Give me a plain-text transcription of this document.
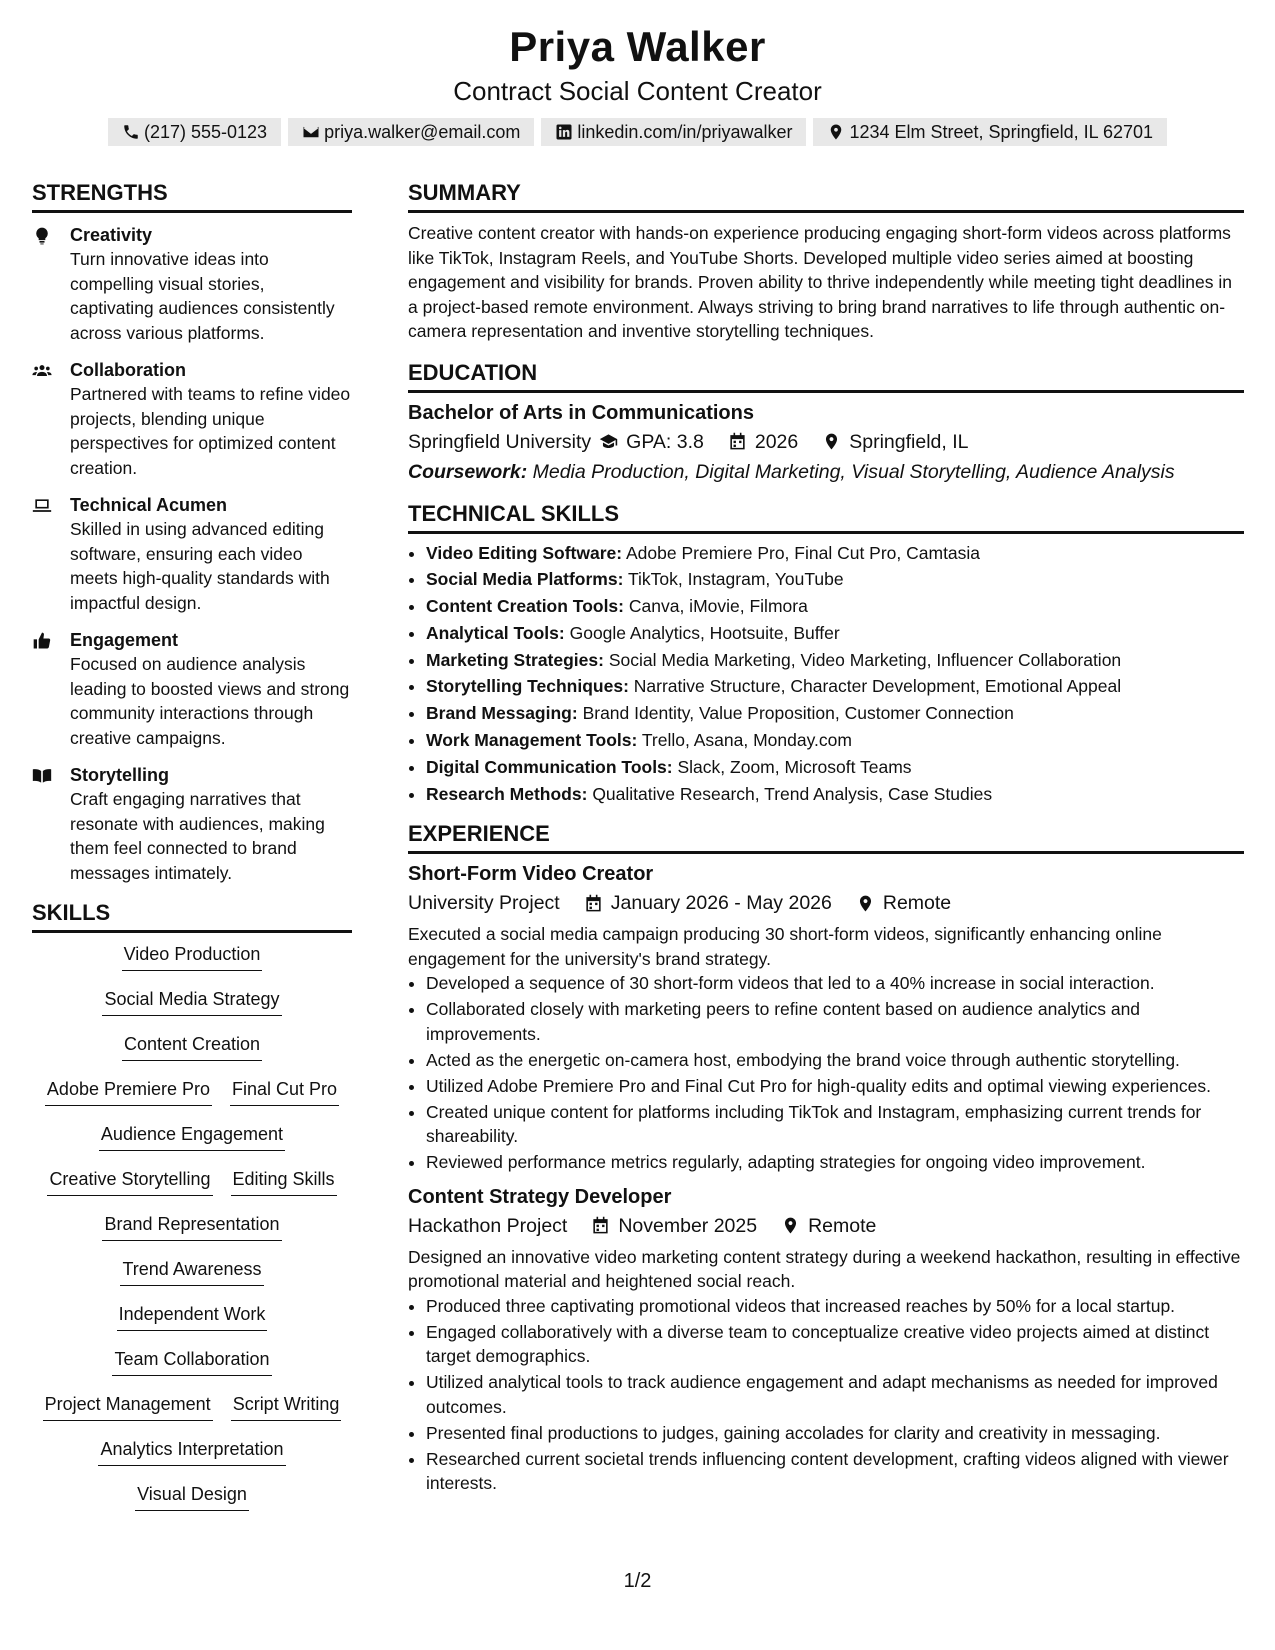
Priya Walker
Contract Social Content Creator
(217) 555-0123	priya.walker@email.com	linkedin.com/in/priyawalker	1234 Elm Street, Springfield, IL 62701
STRENGTHS
Creativity
Turn innovative ideas into compelling visual stories, captivating audiences consistently across various platforms.
Collaboration
Partnered with teams to refine video projects, blending unique perspectives for optimized content creation.
Technical Acumen
Skilled in using advanced editing software, ensuring each video meets high-quality standards with impactful design.
Engagement
Focused on audience analysis leading to boosted views and strong community interactions through creative campaigns.
Storytelling
Craft engaging narratives that resonate with audiences, making them feel connected to brand messages intimately.
SKILLS
Video Production
Social Media Strategy
Content Creation
Adobe Premiere Pro Final Cut Pro
Audience Engagement
Creative Storytelling Editing Skills
Brand Representation
Trend Awareness
Independent Work
Team Collaboration
Project Management Script Writing
Analytics Interpretation
Visual Design
SUMMARY
Creative content creator with hands-on experience producing engaging short-form videos across platforms like TikTok, Instagram Reels, and YouTube Shorts. Developed multiple video series aimed at boosting engagement and visibility for brands. Proven ability to thrive independently while meeting tight deadlines in a project-based remote environment. Always striving to bring brand narratives to life through authentic on-camera representation and inventive storytelling techniques.
EDUCATION
Bachelor of Arts in Communications
Springfield University GPA: 3.8	2026	Springfield, IL
Coursework: Media Production, Digital Marketing, Visual Storytelling, Audience Analysis
TECHNICAL SKILLS
• Video Editing Software: Adobe Premiere Pro, Final Cut Pro, Camtasia
• Social Media Platforms: TikTok, Instagram, YouTube
• Content Creation Tools: Canva, iMovie, Filmora
• Analytical Tools: Google Analytics, Hootsuite, Buffer
• Marketing Strategies: Social Media Marketing, Video Marketing, Influencer Collaboration
• Storytelling Techniques: Narrative Structure, Character Development, Emotional Appeal
• Brand Messaging: Brand Identity, Value Proposition, Customer Connection
• Work Management Tools: Trello, Asana, Monday.com
• Digital Communication Tools: Slack, Zoom, Microsoft Teams
• Research Methods: Qualitative Research, Trend Analysis, Case Studies
EXPERIENCE
Short-Form Video Creator
University Project	January 2026 - May 2026	Remote
Executed a social media campaign producing 30 short-form videos, significantly enhancing online engagement for the university's brand strategy.
• Developed a sequence of 30 short-form videos that led to a 40% increase in social interaction.
• Collaborated closely with marketing peers to refine content based on audience analytics and improvements.
• Acted as the energetic on-camera host, embodying the brand voice through authentic storytelling.
• Utilized Adobe Premiere Pro and Final Cut Pro for high-quality edits and optimal viewing experiences.
• Created unique content for platforms including TikTok and Instagram, emphasizing current trends for shareability.
• Reviewed performance metrics regularly, adapting strategies for ongoing video improvement.
Content Strategy Developer
Hackathon Project	November 2025	Remote
Designed an innovative video marketing content strategy during a weekend hackathon, resulting in effective promotional material and heightened social reach.
• Produced three captivating promotional videos that increased reaches by 50% for a local startup.
• Engaged collaboratively with a diverse team to conceptualize creative video projects aimed at distinct target demographics.
• Utilized analytical tools to track audience engagement and adapt mechanisms as needed for improved outcomes.
• Presented final productions to judges, gaining accolades for clarity and creativity in messaging.
• Researched current societal trends influencing content development, crafting videos aligned with viewer interests.
1/2
